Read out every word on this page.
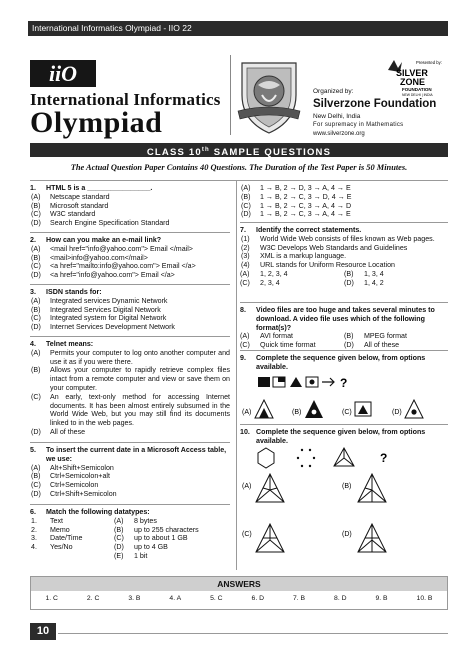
International Informatics Olympiad - IIO 22
iiO
International Informatics
Olympiad
Presented by:
SILVER
ZONE
FOUNDATION
NEW DELHI | INDIA
Organized by:
Silverzone Foundation
New Delhi, India
For supremacy in Mathematics
www.silverzone.org
CLASS 10th SAMPLE QUESTIONS
The Actual Question Paper Contains 40 Questions. The Duration of the Test Paper is 50 Minutes.
1.	HTML 5 is a ________________.
(A)	Netscape standard
(B)	Microsoft standard
(C)	W3C standard
(D)	Search Engine Specification Standard
2.	How can you make an e-mail link?
(A)	<mail href="info@yahoo.com"> Email </mail>
(B)	<mail>info@yahoo.com</mail>
(C)	<a href="mailto:info@yahoo.com"> Email </a>
(D)	<a href="info@yahoo.com"> Email </a>
3.	ISDN stands for:
(A)	Integrated services Dynamic Network
(B)	Integrated Services Digital Network
(C)	Integrated system for Digital Network
(D)	Internet Services Development Network
4.	Telnet means:
(A)	Permits your computer to log onto another computer and use it as if you were there.
(B)	Allows your computer to rapidly retrieve complex files intact from a remote computer and view or save them on your computer.
(C)	An early, text-only method for accessing Internet documents. It has been almost entirely subsumed in the World Wide Web, but you may still find its documents linked to in the web pages.
(D)	All of these
5.	To insert the current date in a Microsoft Access table, we use:
(A)	Alt+Shift+Semicolon
(B)	Ctrl+Semicolon+alt
(C)	Ctrl+Semicolon
(D)	Ctrl+Shift+Semicolon
6.	Match the following datatypes:
1.	Text	(A)	8 bytes
2.	Memo	(B)	up to 255 characters
3.	Date/Time	(C)	up to about 1 GB
4.	Yes/No	(D)	up to 4 GB
(E)	1 bit
(A)	1 → B, 2 → D, 3 → A, 4 → E
(B)	1 → B, 2 → C, 3 → D, 4 → E
(C)	1 → B, 2 → C, 3 → A, 4 → D
(D)	1 → B, 2 → C, 3 → A, 4 → E
7.	Identify the correct statements.
(1)	World Wide Web consists of files known as Web pages.
(2)	W3C Develops Web Standards and Guidelines
(3)	XML is a markup language.
(4)	URL stands for Uniform Resource Location
(A)	1, 2, 3, 4	(B)	1, 3, 4
(C)	2, 3, 4	(D)	1, 4, 2
8.	Video files are too huge and takes several minutes to download. A video file uses which of the following format(s)?
(A)	AVI format	(B)	MPEG format
(C)	Quick time format	(D)	All of these
9.	Complete the sequence given below, from options available.
?
(A)	(B)	(C)	(D)
10. Complete the sequence given below, from options available.
?
(A)	(B)
(C)	(D)
ANSWERS
1. C	2. C	3. B	4. A	5. C	6. D	7. B	8. D	9. B	10. B
10
